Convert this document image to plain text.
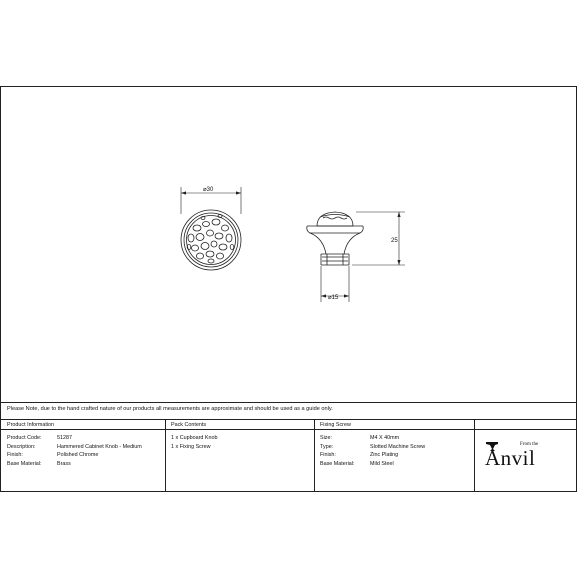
⌀30
25
⌀15
Please Note, due to the hand crafted nature of our products all measurements are approximate and should be used as a guide only.
Product Information	Pack Contents	Fixing Screw
Product Code:
Description:
Finish:
Base Material:
51287
Hammered Cabinet Knob - Medium
Polished Chrome
Brass
1 x Cupboard Knob
1 x Fixing Screw
Size:
Type:
Finish:
Base Material:
M4 X 40mm
Slotted Machine Screw
Zinc Plating
Mild Steel
From the
Anvil
